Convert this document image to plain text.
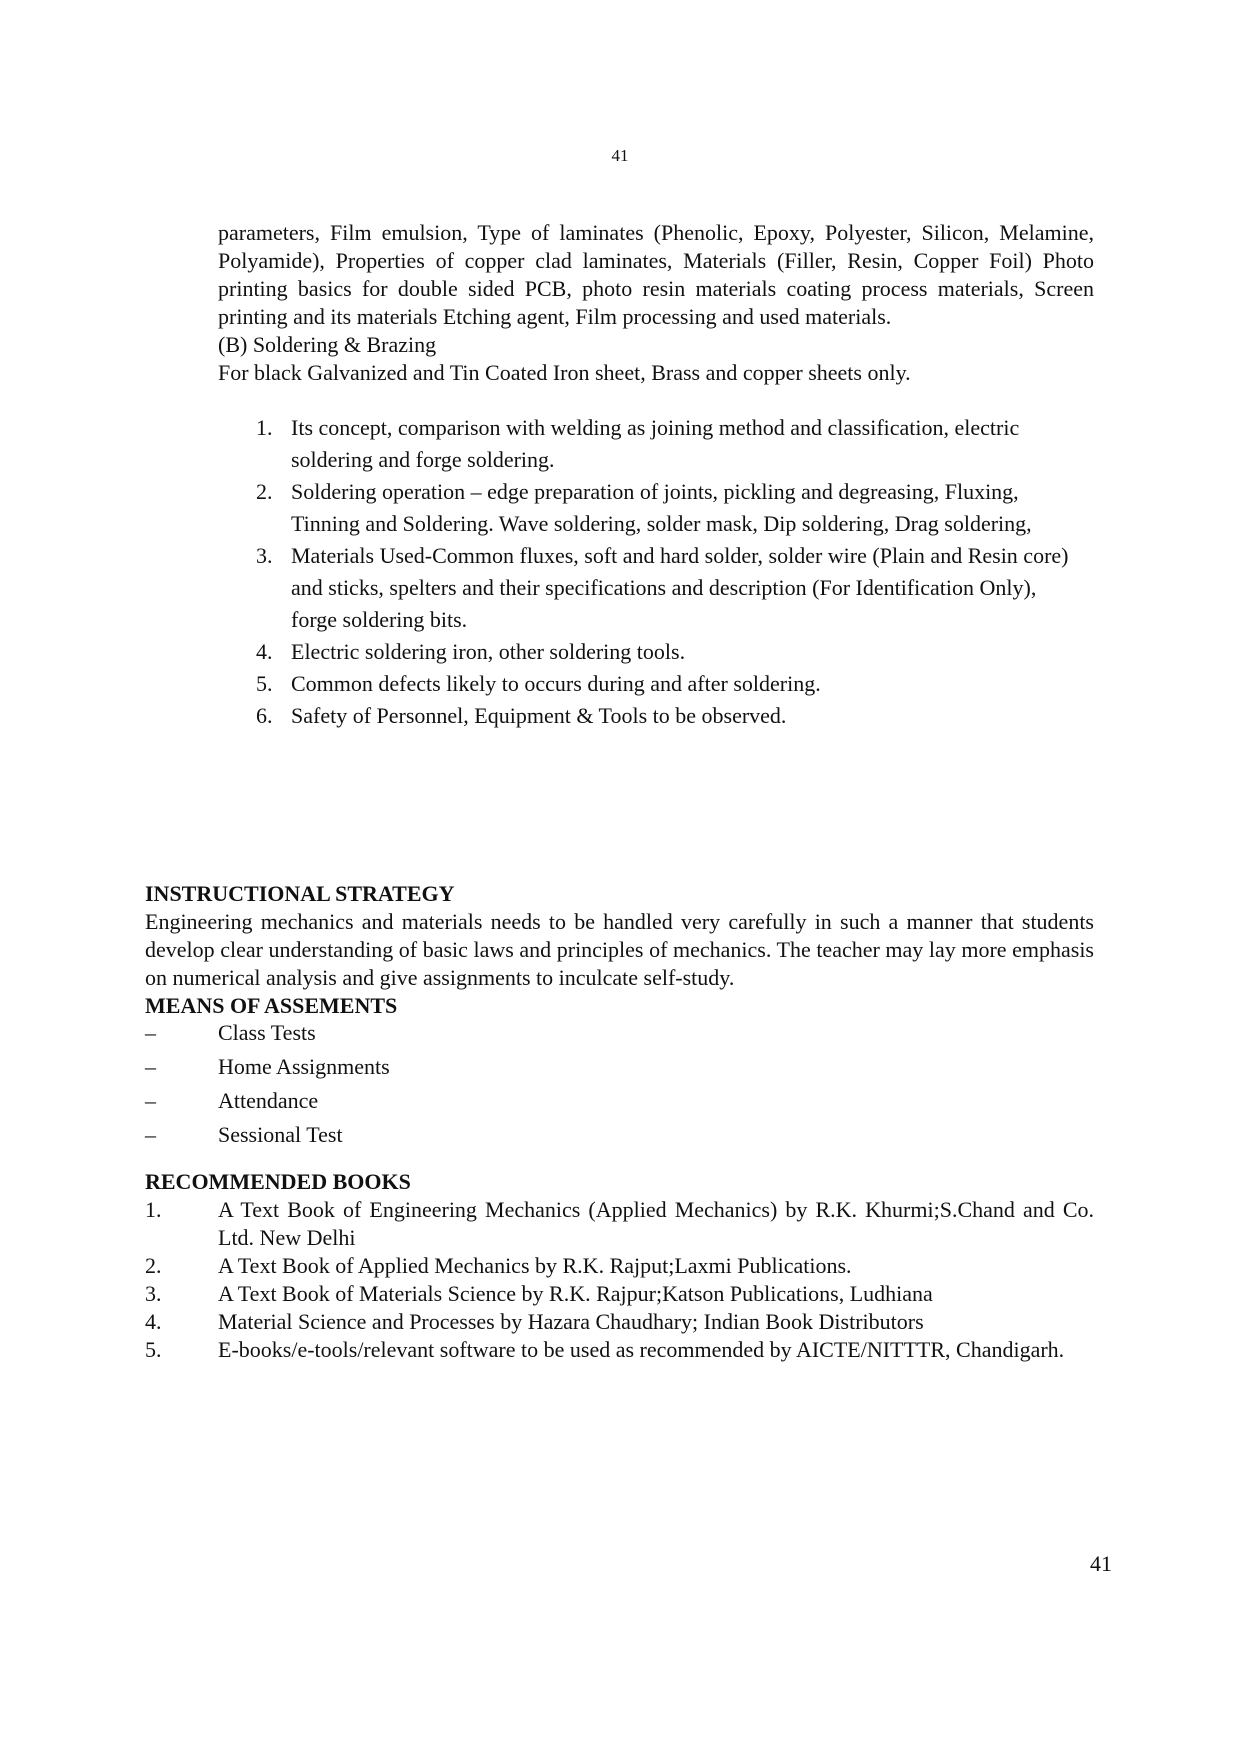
41

parameters, Film emulsion, Type of laminates (Phenolic, Epoxy, Polyester, Silicon, Melamine, Polyamide), Properties of copper clad laminates, Materials (Filler, Resin, Copper Foil) Photo printing basics for double sided PCB, photo resin materials coating process materials, Screen printing and its materials Etching agent, Film processing and used materials.

(B) Soldering & Brazing

For black Galvanized and Tin Coated Iron sheet, Brass and copper sheets only.

1. Its concept, comparison with welding as joining method and classification, electric soldering and forge soldering.
2. Soldering operation – edge preparation of joints, pickling and degreasing, Fluxing, Tinning and Soldering. Wave soldering, solder mask, Dip soldering, Drag soldering,
3. Materials Used-Common fluxes, soft and hard solder, solder wire (Plain and Resin core) and sticks, spelters and their specifications and description (For Identification Only), forge soldering bits.
4. Electric soldering iron, other soldering tools.
5. Common defects likely to occurs during and after soldering.
6. Safety of Personnel, Equipment & Tools to be observed.

INSTRUCTIONAL STRATEGY

Engineering mechanics and materials needs to be handled very carefully in such a manner that students develop clear understanding of basic laws and principles of mechanics. The teacher may lay more emphasis on numerical analysis and give assignments to inculcate self-study.

MEANS OF ASSEMENTS

–	Class Tests
–	Home Assignments
–	Attendance
–	Sessional Test

RECOMMENDED BOOKS

1.	A Text Book of Engineering Mechanics (Applied Mechanics) by R.K. Khurmi;S.Chand and Co. Ltd. New Delhi
2.	A Text Book of Applied Mechanics by R.K. Rajput;Laxmi Publications.
3.	A Text Book of Materials Science by R.K. Rajpur;Katson Publications, Ludhiana
4.	Material Science and Processes by Hazara Chaudhary; Indian Book Distributors
5.	E-books/e-tools/relevant software to be used as recommended by AICTE/NITTTR, Chandigarh.
41
